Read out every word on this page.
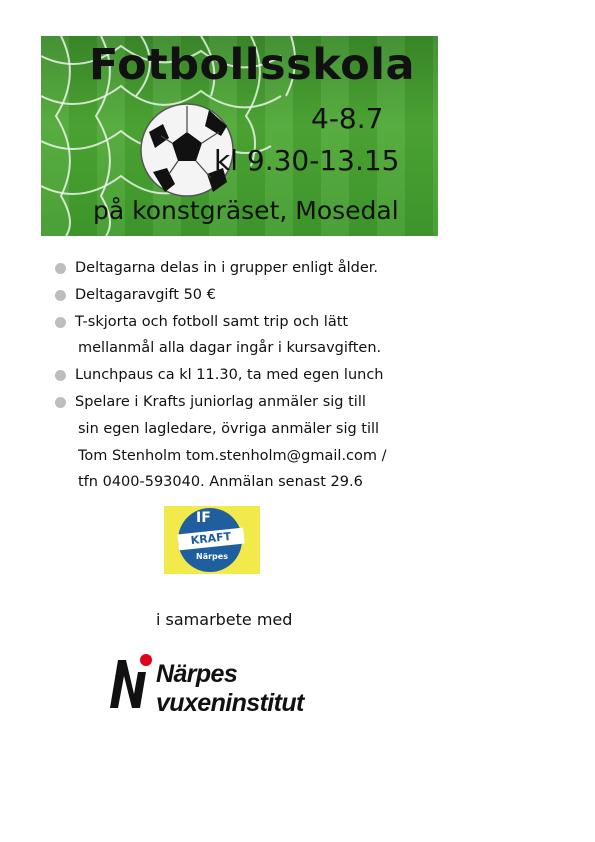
Fotbollsskola
4-8.7
kl 9.30-13.15
på konstgräset, Mosedal
Deltagarna delas in i grupper enligt ålder.
Deltagaravgift 50 €
T-skjorta och fotboll samt trip och lätt
mellanmål alla dagar ingår i kursavgiften.
Lunchpaus ca kl 11.30, ta med egen lunch
Spelare i Krafts juniorlag anmäler sig till
sin egen lagledare, övriga anmäler sig till
Tom Stenholm tom.stenholm@gmail.com /
tfn 0400-593040. Anmälan senast 29.6
IF
KRAFT
Närpes
i samarbete med
Närpes vuxeninstitut
